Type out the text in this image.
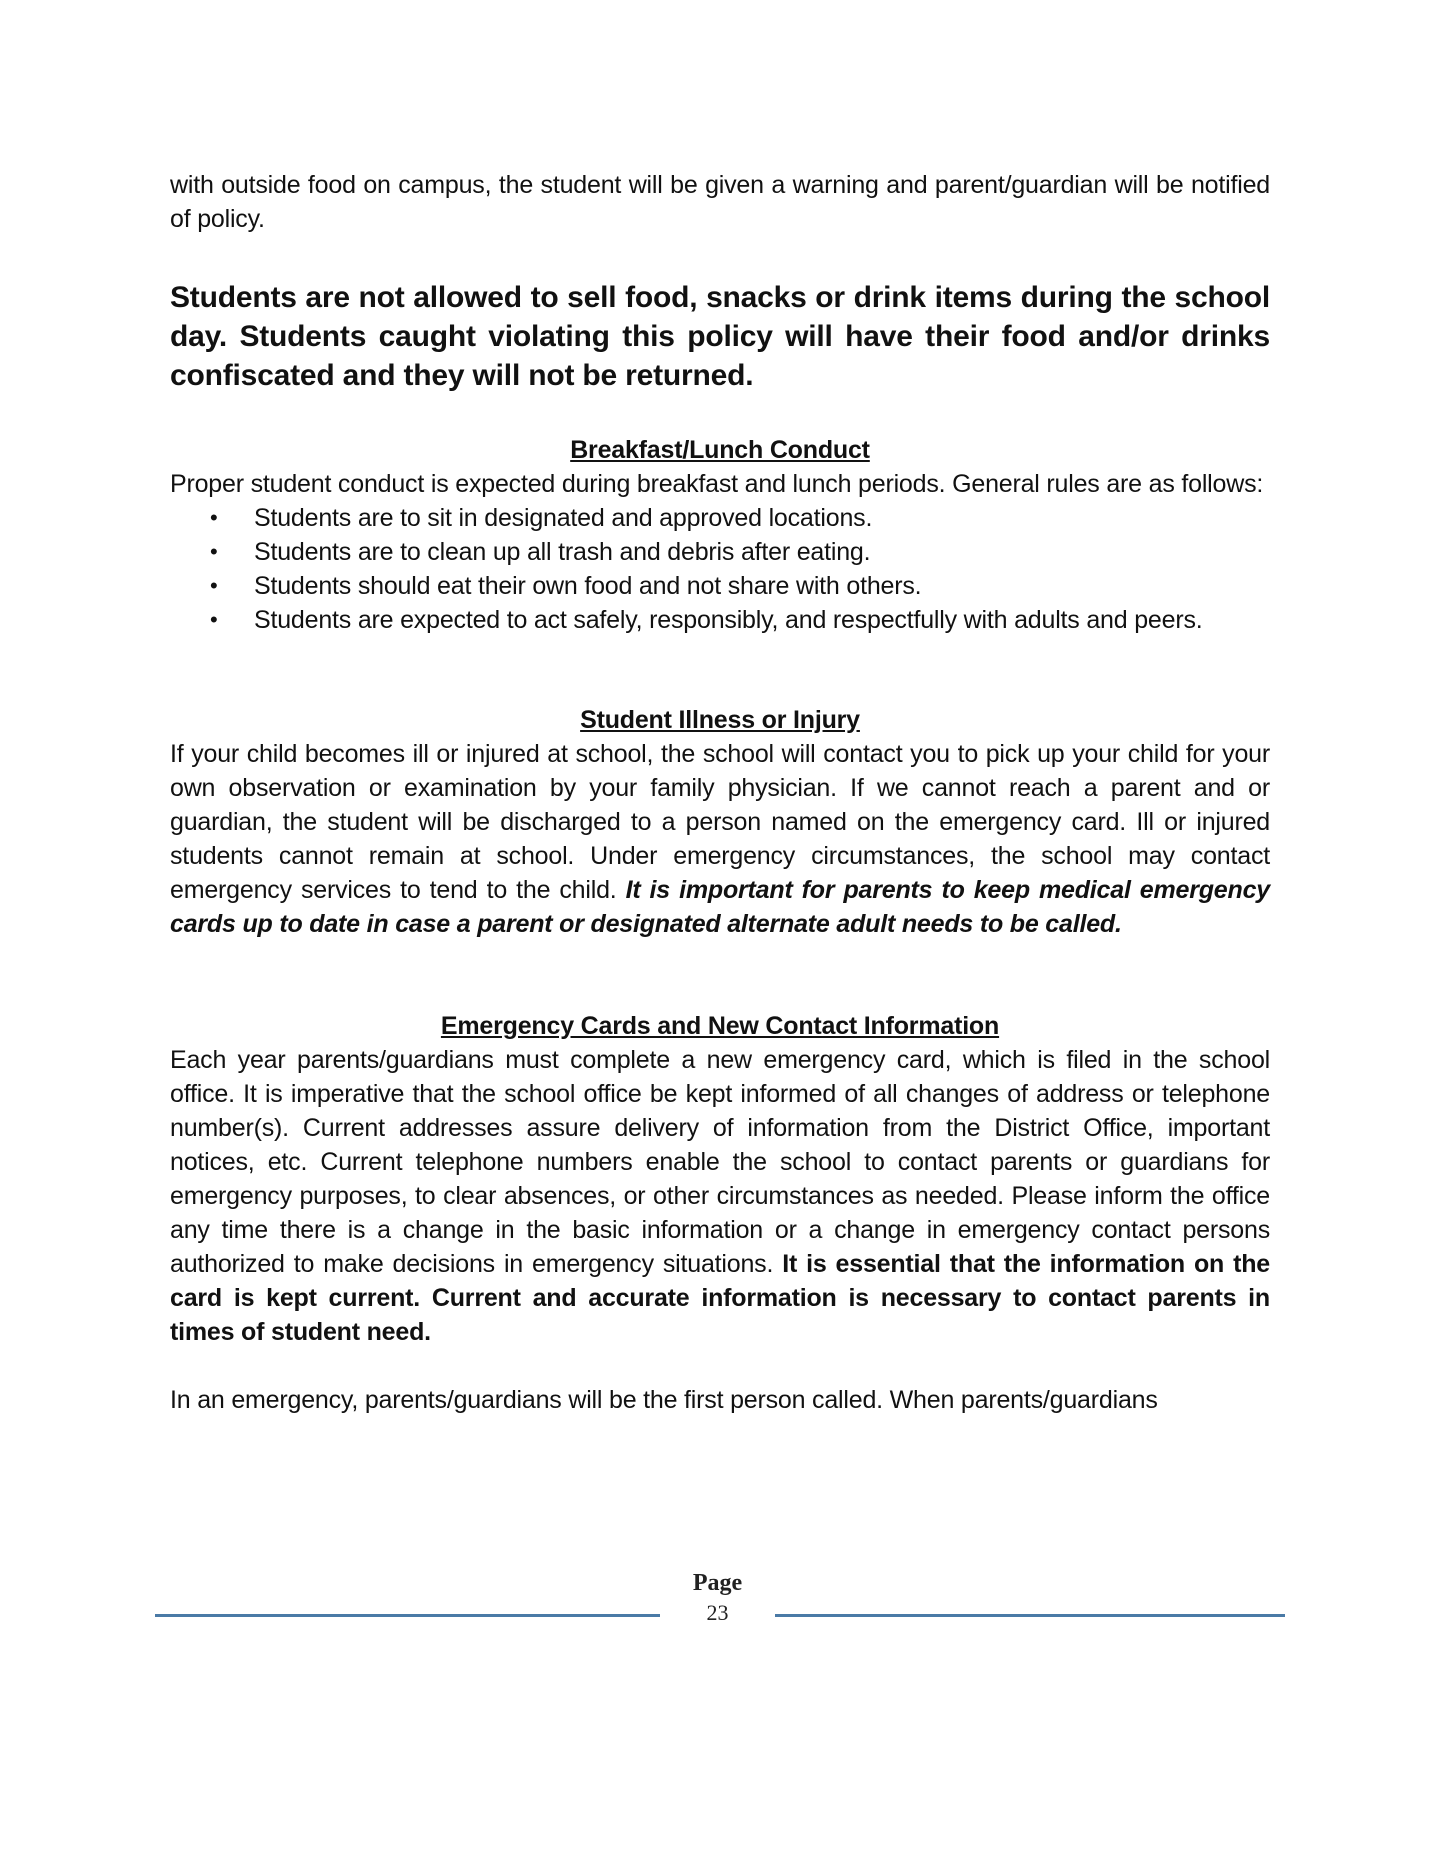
with outside food on campus, the student will be given a warning and parent/guardian will be notified of policy.

Students are not allowed to sell food, snacks or drink items during the school day. Students caught violating this policy will have their food and/or drinks confiscated and they will not be returned.

Breakfast/Lunch Conduct

Proper student conduct is expected during breakfast and lunch periods. General rules are as follows:

• Students are to sit in designated and approved locations.
• Students are to clean up all trash and debris after eating.
• Students should eat their own food and not share with others.
• Students are expected to act safely, responsibly, and respectfully with adults and peers.
Student Illness or Injury

If your child becomes ill or injured at school, the school will contact you to pick up your child for your own observation or examination by your family physician. If we cannot reach a parent and or guardian, the student will be discharged to a person named on the emergency card. Ill or injured students cannot remain at school. Under emergency circumstances, the school may contact emergency services to tend to the child. It is important for parents to keep medical emergency cards up to date in case a parent or designated alternate adult needs to be called.

Emergency Cards and New Contact Information

Each year parents/guardians must complete a new emergency card, which is filed in the school office. It is imperative that the school office be kept informed of all changes of address or telephone number(s). Current addresses assure delivery of information from the District Office, important notices, etc. Current telephone numbers enable the school to contact parents or guardians for emergency purposes, to clear absences, or other circumstances as needed. Please inform the office any time there is a change in the basic information or a change in emergency contact persons authorized to make decisions in emergency situations. It is essential that the information on the card is kept current. Current and accurate information is necessary to contact parents in times of student need.

In an emergency, parents/guardians will be the first person called. When parents/guardians

Page
23
